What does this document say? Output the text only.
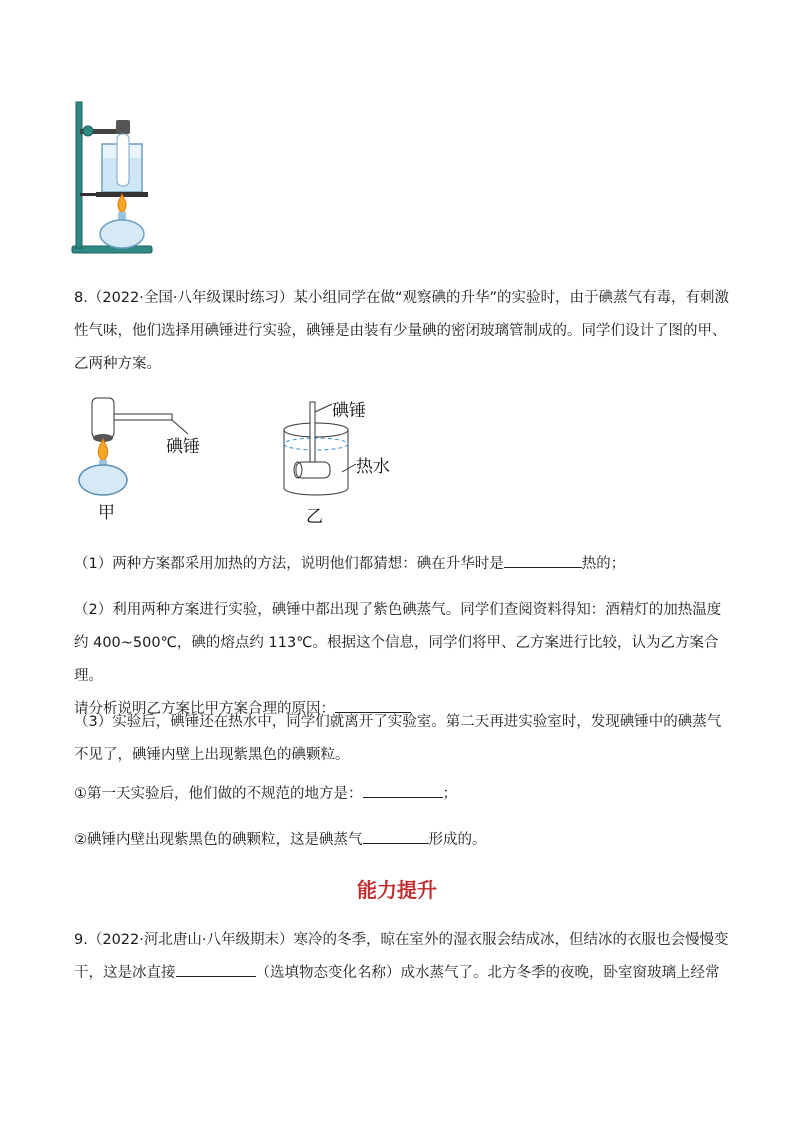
8.（2022·全国·八年级课时练习）某小组同学在做“观察碘的升华”的实验时，由于碘蒸气有毒，有刺激
性气味，他们选择用碘锤进行实验，碘锤是由装有少量碘的密闭玻璃管制成的。同学们设计了图的甲、
乙两种方案。
碘锤
甲
碘锤
热水
乙
（1）两种方案都采用加热的方法，说明他们都猜想：碘在升华时是	热的；
（2）利用两种方案进行实验，碘锤中都出现了紫色碘蒸气。同学们查阅资料得知：酒精灯的加热温度
约 400~500℃，碘的熔点约 113℃。根据这个信息，同学们将甲、乙方案进行比较，认为乙方案合理。
请分析说明乙方案比甲方案合理的原因：
（3）实验后，碘锤还在热水中，同学们就离开了实验室。第二天再进实验室时，发现碘锤中的碘蒸气
不见了，碘锤内壁上出现紫黑色的碘颗粒。
①第一天实验后，他们做的不规范的地方是：	；
②碘锤内壁出现紫黑色的碘颗粒，这是碘蒸气	形成的。
能力提升
9.（2022·河北唐山·八年级期末）寒冷的冬季，晾在室外的湿衣服会结成冰，但结冰的衣服也会慢慢变
干，这是冰直接	（选填物态变化名称）成水蒸气了。北方冬季的夜晚，卧室窗玻璃上经常
